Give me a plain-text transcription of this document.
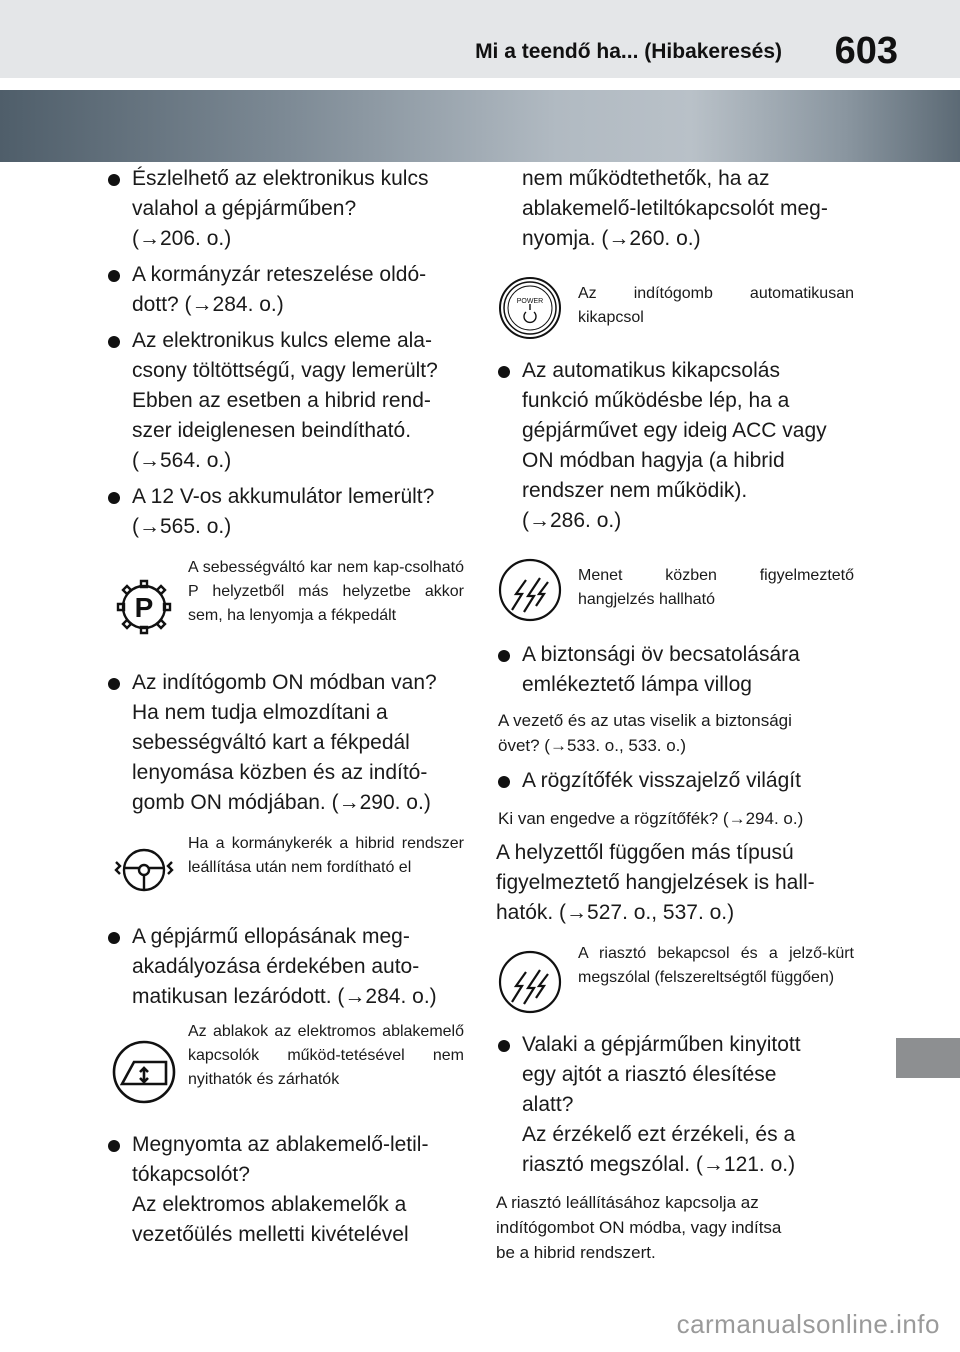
Mi a teendő ha... (Hibakeresés) 603
Észlelhető az elektronikus kulcs
valahol a gépjárműben?
(→206. o.)
A kormányzár reteszelése oldó-
dott? (→284. o.)
Az elektronikus kulcs eleme ala-
csony töltöttségű, vagy lemerült?
Ebben az esetben a hibrid rend-
szer ideiglenesen beindítható.
(→564. o.)
A 12 V-os akkumulátor lemerült?
(→565. o.)
P
A sebességváltó kar nem kap-csolható P helyzetből más helyzetbe akkor sem, ha lenyomja a fékpedált
Az indítógomb ON módban van?
Ha nem tudja elmozdítani a
sebességváltó kart a fékpedál
lenyomása közben és az indító-
gomb ON módjában. (→290. o.)
Ha a kormánykerék a hibrid rendszer leállítása után nem fordítható el
A gépjármű ellopásának meg-
akadályozása érdekében auto-
matikusan lezáródott. (→284. o.)
Az ablakok az elektromos ablakemelő kapcsolók működ-tetésével nem nyithatók és zárhatók
Megnyomta az ablakemelő-letil-
tókapcsolót?
Az elektromos ablakemelők a
vezetőülés melletti kivételével
nem működtethetők, ha az
ablakemelő-letiltókapcsolót meg-
nyomja. (→260. o.)
POWER Az indítógomb automatikusan kikapcsol
Az automatikus kikapcsolás
funkció működésbe lép, ha a
gépjárművet egy ideig ACC vagy
ON módban hagyja (a hibrid
rendszer nem működik).
(→286. o.)
Menet közben figyelmeztető hangjelzés hallható
A biztonsági öv becsatolására
emlékeztető lámpa villog
A vezető és az utas viselik a biztonsági
övet? (→533. o., 533. o.)
A rögzítőfék visszajelző világít
Ki van engedve a rögzítőfék? (→294. o.)
A helyzettől függően más típusú
figyelmeztető hangjelzések is hall-
hatók. (→527. o., 537. o.)
A riasztó bekapcsol és a jelző-kürt megszólal (felszereltségtől függően)
Valaki a gépjárműben kinyitott
egy ajtót a riasztó élesítése
alatt?
Az érzékelő ezt érzékeli, és a
riasztó megszólal. (→121. o.)
A riasztó leállításához kapcsolja az
indítógombot ON módba, vagy indítsa
be a hibrid rendszert.
carmanualsonline.info
